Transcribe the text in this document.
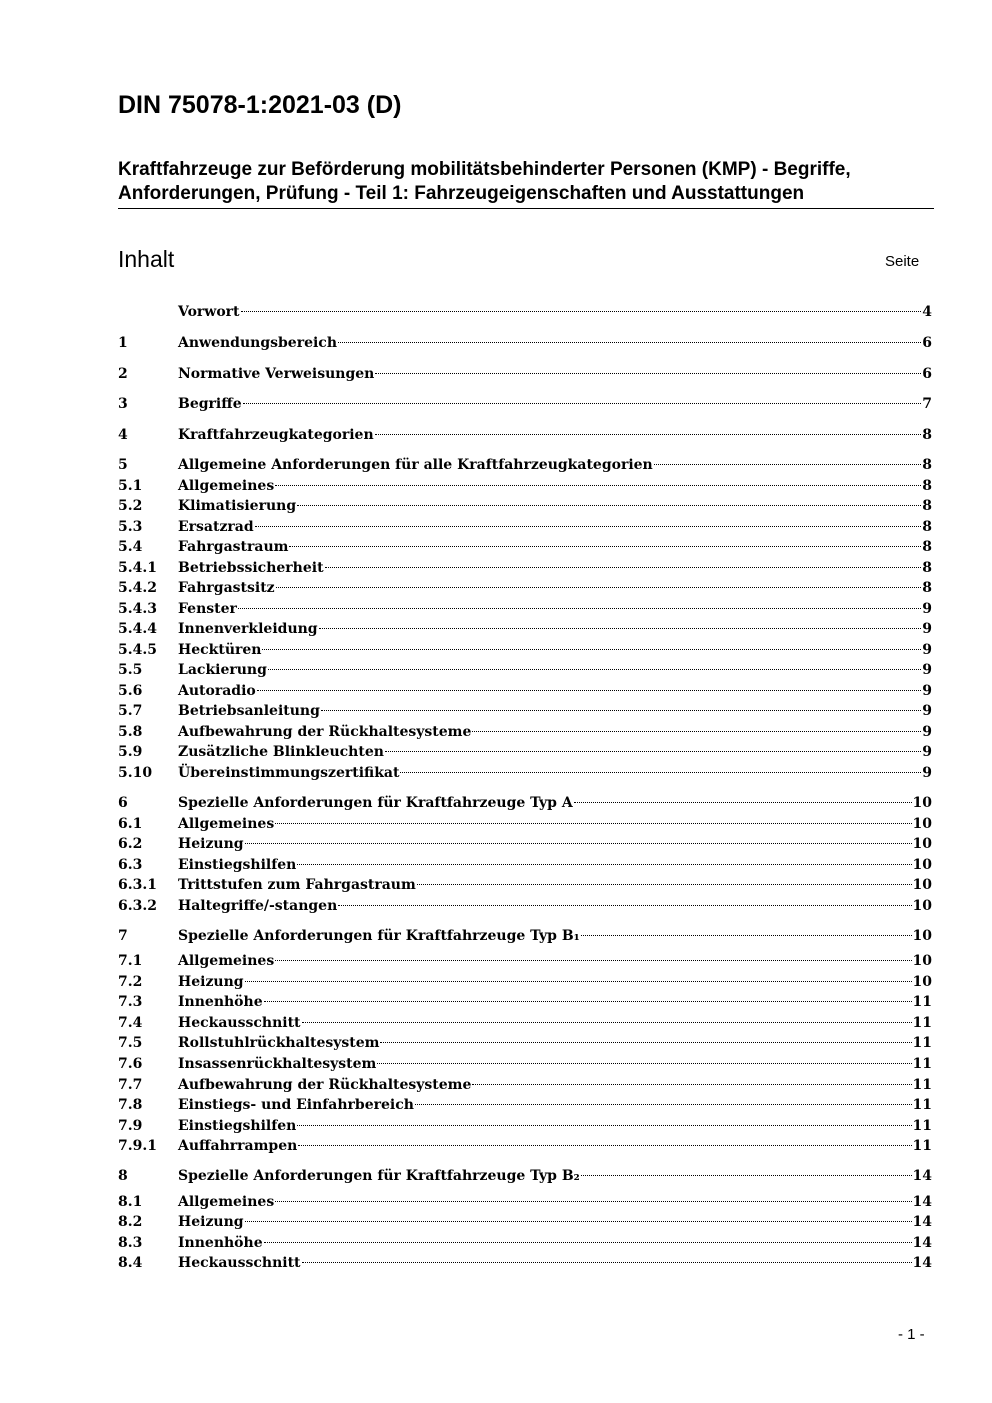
DIN 75078-1:2021-03 (D)
Kraftfahrzeuge zur Beförderung mobilitätsbehinderter Personen (KMP) - Begriffe,
Anforderungen, Prüfung - Teil 1: Fahrzeugeigenschaften und Ausstattungen
Inhalt	Seite
Vorwort	4
1	Anwendungsbereich	6
2	Normative Verweisungen	6
3	Begriffe	7
4	Kraftfahrzeugkategorien	8
5	Allgemeine Anforderungen für alle Kraftfahrzeugkategorien	8
5.1	Allgemeines	8
5.2	Klimatisierung	8
5.3	Ersatzrad	8
5.4	Fahrgastraum	8
5.4.1	Betriebssicherheit	8
5.4.2	Fahrgastsitz	8
5.4.3	Fenster	9
5.4.4	Innenverkleidung	9
5.4.5	Hecktüren	9
5.5	Lackierung	9
5.6	Autoradio	9
5.7	Betriebsanleitung	9
5.8	Aufbewahrung der Rückhaltesysteme	9
5.9	Zusätzliche Blinkleuchten	9
5.10	Übereinstimmungszertifikat	9
6	Spezielle Anforderungen für Kraftfahrzeuge Typ A	10
6.1	Allgemeines	10
6.2	Heizung	10
6.3	Einstiegshilfen	10
6.3.1	Trittstufen zum Fahrgastraum	10
6.3.2	Haltegriffe/-stangen	10
7	Spezielle Anforderungen für Kraftfahrzeuge Typ B₁	10
7.1	Allgemeines	10
7.2	Heizung	10
7.3	Innenhöhe	11
7.4	Heckausschnitt	11
7.5	Rollstuhlrückhaltesystem	11
7.6	Insassenrückhaltesystem	11
7.7	Aufbewahrung der Rückhaltesysteme	11
7.8	Einstiegs- und Einfahrbereich	11
7.9	Einstiegshilfen	11
7.9.1	Auffahrrampen	11
8	Spezielle Anforderungen für Kraftfahrzeuge Typ B₂	14
8.1	Allgemeines	14
8.2	Heizung	14
8.3	Innenhöhe	14
8.4	Heckausschnitt	14
- 1 -
